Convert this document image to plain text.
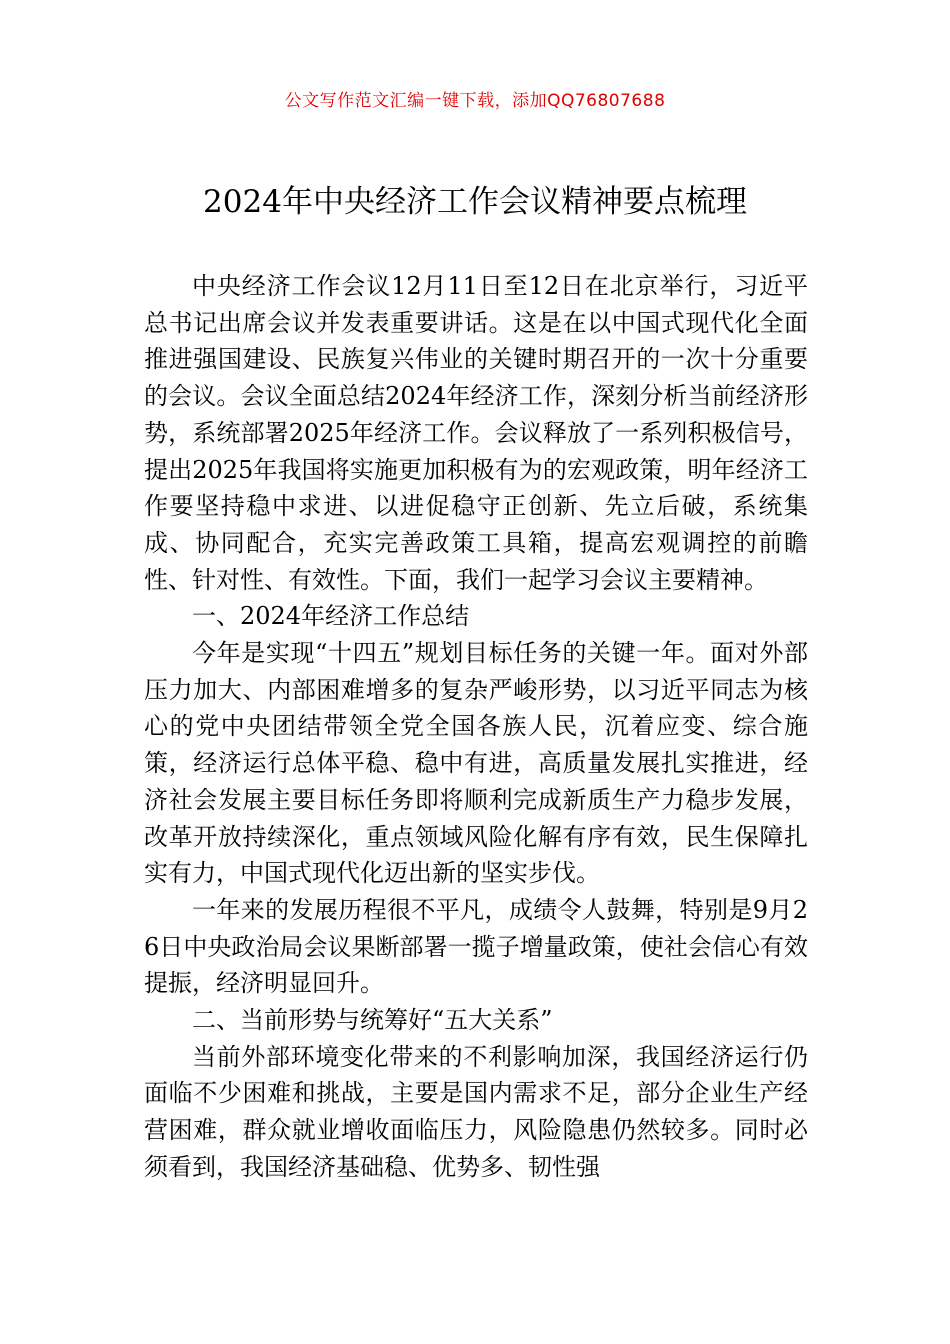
公文写作范文汇编一键下载，添加QQ76807688
2024年中央经济工作会议精神要点梳理

中央经济工作会议12月11日至12日在北京举行，习近平总书记出席会议并发表重要讲话。这是在以中国式现代化全面推进强国建设、民族复兴伟业的关键时期召开的一次十分重要的会议。会议全面总结2024年经济工作，深刻分析当前经济形势，系统部署2025年经济工作。会议释放了一系列积极信号，提出2025年我国将实施更加积极有为的宏观政策，明年经济工作要坚持稳中求进、以进促稳守正创新、先立后破，系统集成、协同配合，充实完善政策工具箱，提高宏观调控的前瞻性、针对性、有效性。下面，我们一起学习会议主要精神。

一、2024年经济工作总结

今年是实现“十四五”规划目标任务的关键一年。面对外部压力加大、内部困难增多的复杂严峻形势，以习近平同志为核心的党中央团结带领全党全国各族人民，沉着应变、综合施策，经济运行总体平稳、稳中有进，高质量发展扎实推进，经济社会发展主要目标任务即将顺利完成新质生产力稳步发展，改革开放持续深化，重点领域风险化解有序有效，民生保障扎实有力，中国式现代化迈出新的坚实步伐。

一年来的发展历程很不平凡，成绩令人鼓舞，特别是9月26日中央政治局会议果断部署一揽子增量政策，使社会信心有效提振，经济明显回升。

二、当前形势与统筹好“五大关系”

当前外部环境变化带来的不利影响加深，我国经济运行仍面临不少困难和挑战，主要是国内需求不足，部分企业生产经营困难，群众就业增收面临压力，风险隐患仍然较多。同时必须看到，我国经济基础稳、优势多、韧性强
